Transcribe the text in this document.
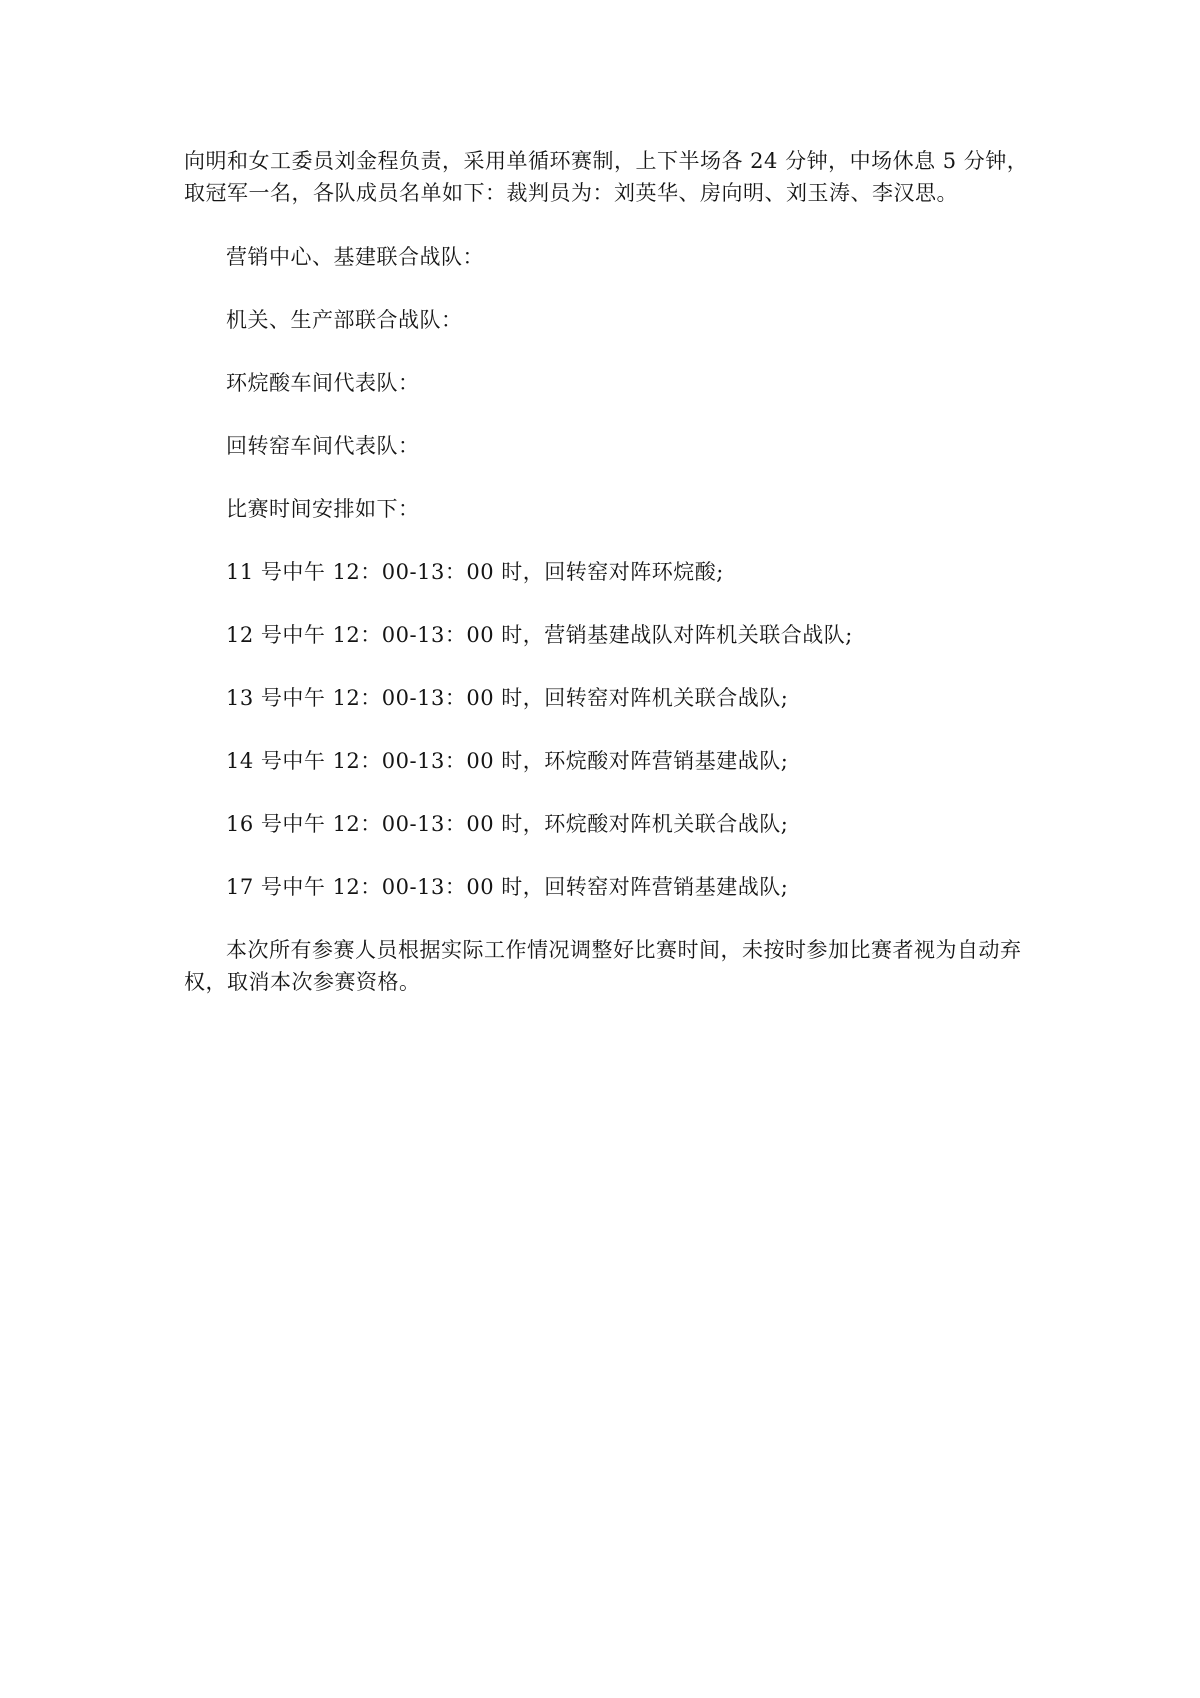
向明和女工委员刘金程负责，采用单循环赛制，上下半场各 24 分钟，中场休息 5 分钟，取冠军一名，各队成员名单如下：裁判员为：刘英华、房向明、刘玉涛、李汉思。

营销中心、基建联合战队：

机关、生产部联合战队：

环烷酸车间代表队：

回转窑车间代表队：

比赛时间安排如下：

11 号中午 12：00-13：00 时，回转窑对阵环烷酸;

12 号中午 12：00-13：00 时，营销基建战队对阵机关联合战队;

13 号中午 12：00-13：00 时，回转窑对阵机关联合战队;

14 号中午 12：00-13：00 时，环烷酸对阵营销基建战队;

16 号中午 12：00-13：00 时，环烷酸对阵机关联合战队;

17 号中午 12：00-13：00 时，回转窑对阵营销基建战队;

本次所有参赛人员根据实际工作情况调整好比赛时间，未按时参加比赛者视为自动弃权，取消本次参赛资格。
